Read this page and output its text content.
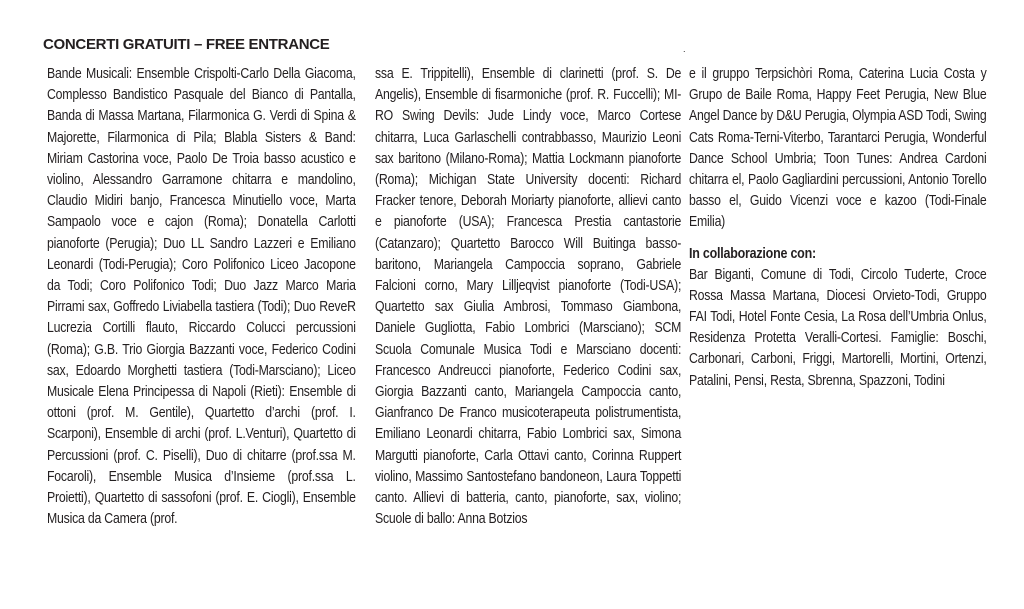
CONCERTI GRATUITI – FREE ENTRANCE

Bande Musicali: Ensemble Crispolti-Carlo Della Giacoma, Complesso Bandistico Pasquale del Bianco di Pantalla, Banda di Massa Martana, Filarmonica G. Verdi di Spina & Majorette, Filarmonica di Pila; Blabla Sisters & Band: Miriam Castorina voce, Paolo De Troia basso acustico e violino, Alessandro Garramone chitarra e mandolino, Claudio Midiri banjo, Francesca Minutiello voce, Marta Sampaolo voce e cajon (Roma); Donatella Carlotti pianoforte (Perugia); Duo LL Sandro Lazzeri e Emiliano Leonardi (Todi-Perugia); Coro Polifonico Liceo Jacopone da Todi; Coro Polifonico Todi; Duo Jazz Marco Maria Pirrami sax, Goffredo Liviabella tastiera (Todi); Duo ReveR Lucrezia Cortilli flauto, Riccardo Colucci percussioni (Roma); G.B. Trio Giorgia Bazzanti voce, Federico Codini sax, Edoardo Morghetti tastiera (Todi-Marsciano); Liceo Musicale Elena Principessa di Napoli (Rieti): Ensemble di ottoni (prof. M. Gentile), Quartetto d’archi (prof. I. Scarponi), Ensemble di archi (prof. L.Venturi), Quartetto di Percussioni (prof. C. Piselli), Duo di chitarre (prof.ssa M. Focaroli), Ensemble Musica d’Insieme (prof.ssa L. Proietti), Quartetto di sassofoni (prof. E. Ciogli), Ensemble Musica da Camera (prof.

ssa E. Trippitelli), Ensemble di clarinetti (prof. S. De Angelis), Ensemble di fisarmoniche (prof. R. Fuccelli); MI-RO Swing Devils: Jude Lindy voce, Marco Cortese chitarra, Luca Garlaschelli contrabbasso, Maurizio Leoni sax baritono (Milano-Roma); Mattia Lockmann pianoforte (Roma); Michigan State University docenti: Richard Fracker tenore, Deborah Moriarty pianoforte, allievi canto e pianoforte (USA); Francesca Prestia cantastorie (Catanzaro); Quartetto Barocco Will Buitinga basso-baritono, Mariangela Campoccia soprano, Gabriele Falcioni corno, Mary Lilljeqvist pianoforte (Todi-USA); Quartetto sax Giulia Ambrosi, Tommaso Giambona, Daniele Gugliotta, Fabio Lombrici (Marsciano); SCM Scuola Comunale Musica Todi e Marsciano docenti: Francesco Andreucci pianoforte, Federico Codini sax, Giorgia Bazzanti canto, Mariangela Campoccia canto, Gianfranco De Franco musicoterapeuta polistrumentista, Emiliano Leonardi chitarra, Fabio Lombrici sax, Simona Margutti pianoforte, Carla Ottavi canto, Corinna Ruppert violino, Massimo Santostefano bandoneon, Laura Toppetti canto. Allievi di batteria, canto, pianoforte, sax, violino; Scuole di ballo: Anna Botzios

.

e il gruppo Terpsichòri Roma, Caterina Lucia Costa y Grupo de Baile Roma, Happy Feet Perugia, New Blue Angel Dance by D&U Perugia, Olympia ASD Todi, Swing Cats Roma-Terni-Viterbo, Tarantarci Perugia, Wonderful Dance School Umbria; Toon Tunes: Andrea Cardoni chitarra el, Paolo Gagliardini percussioni, Antonio Torello basso el, Guido Vicenzi voce e kazoo (Todi-Finale Emilia)

In collaborazione con:

Bar Biganti, Comune di Todi, Circolo Tuderte, Croce Rossa Massa Martana, Diocesi Orvieto-Todi, Gruppo FAI Todi, Hotel Fonte Cesia, La Rosa dell’Umbria Onlus, Residenza Protetta Veralli-Cortesi. Famiglie: Boschi, Carbonari, Carboni, Friggi, Martorelli, Mortini, Ortenzi, Patalini, Pensi, Resta, Sbrenna, Spazzoni, Todini
